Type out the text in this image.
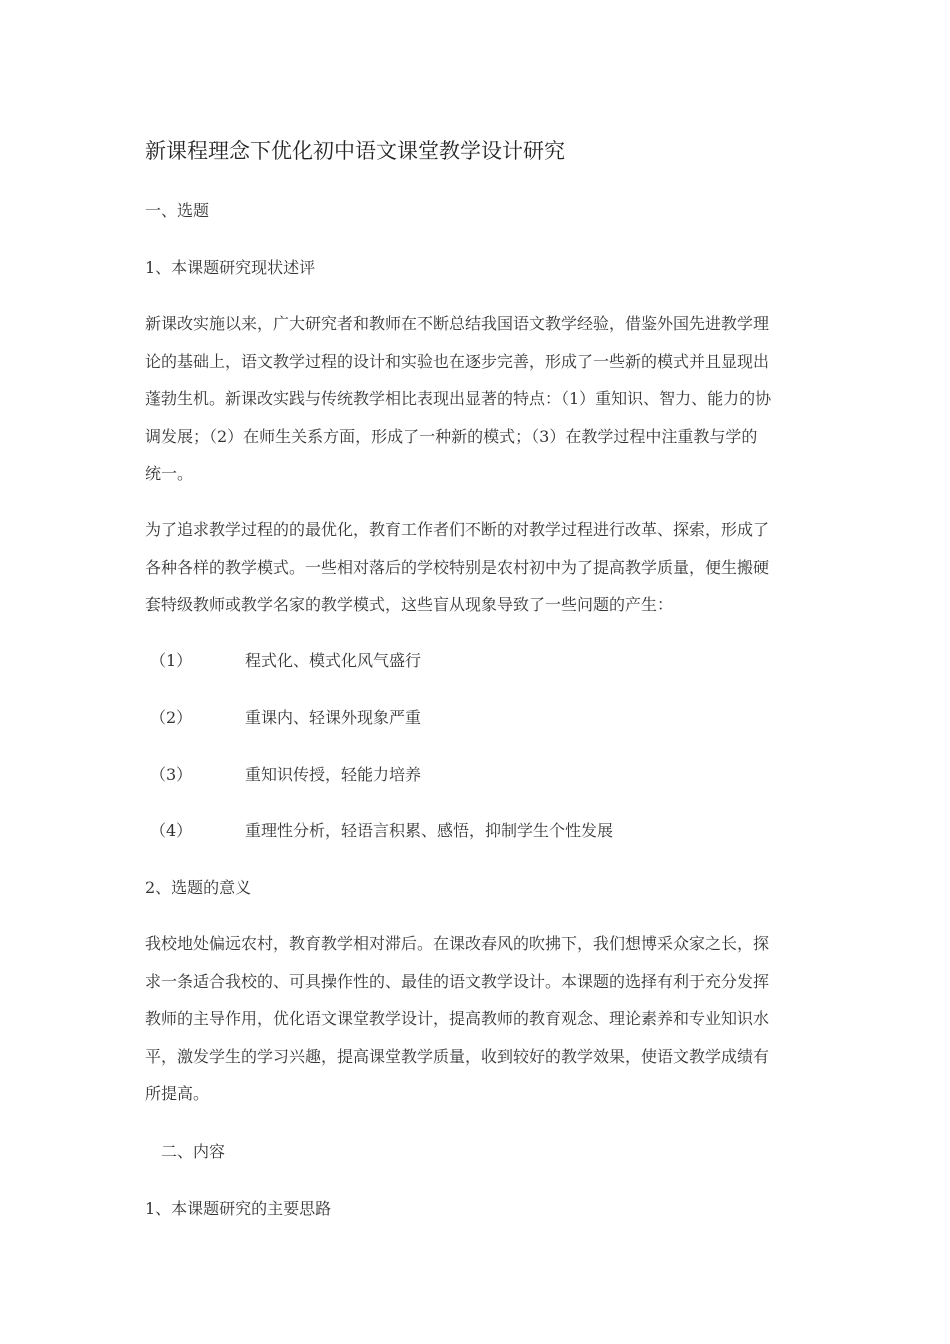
新课程理念下优化初中语文课堂教学设计研究
一、选题
1、本课题研究现状述评
新课改实施以来，广大研究者和教师在不断总结我国语文教学经验，借鉴外国先进教学理
论的基础上，语文教学过程的设计和实验也在逐步完善，形成了一些新的模式并且显现出
蓬勃生机。新课改实践与传统教学相比表现出显著的特点：（1）重知识、智力、能力的协
调发展；（2）在师生关系方面，形成了一种新的模式；（3）在教学过程中注重教与学的
统一。
为了追求教学过程的的最优化，教育工作者们不断的对教学过程进行改革、探索，形成了
各种各样的教学模式。一些相对落后的学校特别是农村初中为了提高教学质量，便生搬硬
套特级教师或教学名家的教学模式，这些盲从现象导致了一些问题的产生：
（1）	程式化、模式化风气盛行
（2）	重课内、轻课外现象严重
（3）	重知识传授，轻能力培养
（4）	重理性分析，轻语言积累、感悟，抑制学生个性发展
2、选题的意义
我校地处偏远农村，教育教学相对滞后。在课改春风的吹拂下，我们想博采众家之长，探
求一条适合我校的、可具操作性的、最佳的语文教学设计。本课题的选择有利于充分发挥
教师的主导作用，优化语文课堂教学设计，提高教师的教育观念、理论素养和专业知识水
平，激发学生的学习兴趣，提高课堂教学质量，收到较好的教学效果，使语文教学成绩有
所提高。
二、内容
1、本课题研究的主要思路
